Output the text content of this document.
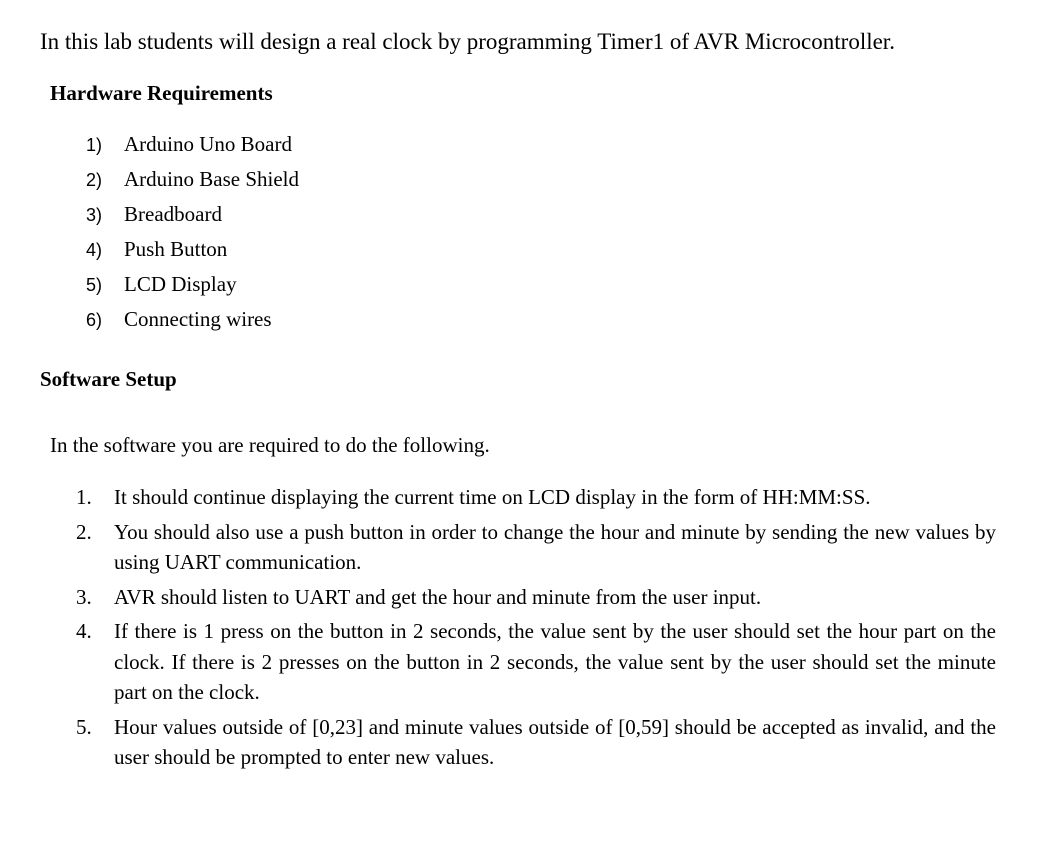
In this lab students will design a real clock by programming Timer1 of AVR Microcontroller.
Hardware Requirements
1) Arduino Uno Board
2) Arduino Base Shield
3) Breadboard
4) Push Button
5) LCD Display
6) Connecting wires
Software Setup
In the software you are required to do the following.
1.	It should continue displaying the current time on LCD display in the form of HH:MM:SS.
2.	You should also use a push button in order to change the hour and minute by sending the new values by using UART communication.
3.	AVR should listen to UART and get the hour and minute from the user input.
4.	If there is 1 press on the button in 2 seconds, the value sent by the user should set the hour part on the clock. If there is 2 presses on the button in 2 seconds, the value sent by the user should set the minute part on the clock.
5.	Hour values outside of [0,23] and minute values outside of [0,59] should be accepted as invalid, and the user should be prompted to enter new values.
